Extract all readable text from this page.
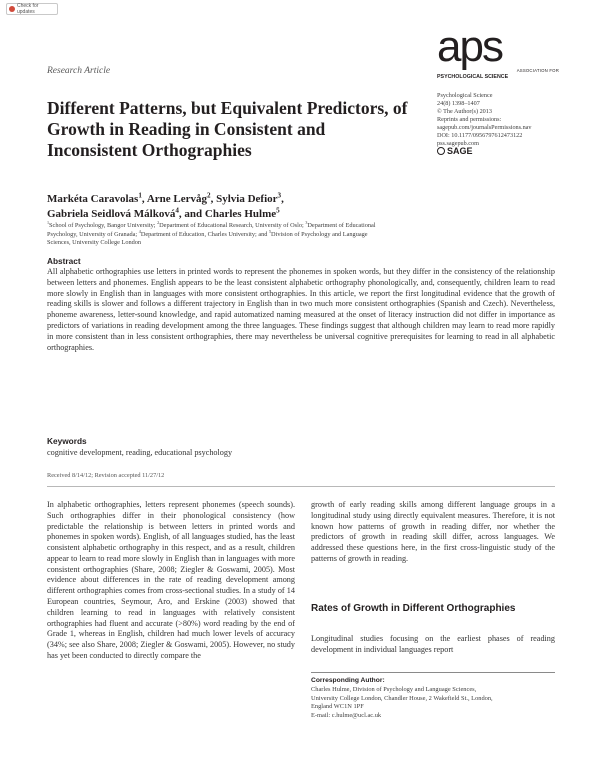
Check for updates
Research Article	aps	ASSOCIATION FOR
PSYCHOLOGICAL SCIENCE
Psychological Science
24(8) 1398–1407
© The Author(s) 2013
Reprints and permissions:
sagepub.com/journalsPermissions.nav
DOI: 10.1177/0956797612473122
pss.sagepub.com
SAGE
Different Patterns, but Equivalent Predictors, of Growth in Reading in Consistent and Inconsistent Orthographies
Markéta Caravolas$^1$, Arne Lervåg$^2$, Sylvia Defior$^3$,
Gabriela Seidlová Málková$^4$, and Charles Hulme$^5$
$^1$School of Psychology, Bangor University; $^2$Department of Educational Research, University of Oslo; $^3$Department of Educational Psychology, University of Granada; $^4$Department of Education, Charles University; and $^5$Division of Psychology and Language Sciences, University College London
Abstract
All alphabetic orthographies use letters in printed words to represent the phonemes in spoken words, but they differ in the consistency of the relationship between letters and phonemes. English appears to be the least consistent alphabetic orthography phonologically, and, consequently, children learn to read more slowly in English than in languages with more consistent orthographies. In this article, we report the first longitudinal evidence that the growth of reading skills is slower and follows a different trajectory in English than in two much more consistent orthographies (Spanish and Czech). Nevertheless, phoneme awareness, letter-sound knowledge, and rapid automatized naming measured at the onset of literacy instruction did not differ in importance as predictors of variations in reading development among the three languages. These findings suggest that although children may learn to read more rapidly in more consistent than in less consistent orthographies, there may nevertheless be universal cognitive prerequisites for learning to read in all alphabetic orthographies.
Keywords
cognitive development, reading, educational psychology
Received 8/14/12; Revision accepted 11/27/12
In alphabetic orthographies, letters represent phonemes (speech sounds). Such orthographies differ in their phonological consistency (how predictable the relationship is between letters in printed words and phonemes in spoken words). English, of all languages studied, has the least consistent alphabetic orthography in this respect, and as a result, children appear to learn to read more slowly in English than in languages with more consistent orthographies (Share, 2008; Ziegler & Goswami, 2005). Most evidence about differences in the rate of reading development among different orthographies comes from cross-sectional studies. In a study of 14 European countries, Seymour, Aro, and Erskine (2003) showed that children learning to read in languages with relatively consistent orthographies had fluent and accurate (>80%) word reading by the end of Grade 1, whereas in English, children had much lower levels of accuracy (34%; see also Share, 2008; Ziegler & Goswami, 2005). However, no study has yet been conducted to directly compare the
growth of early reading skills among different language groups in a longitudinal study using directly equivalent measures. Therefore, it is not known how patterns of growth in reading differ, nor whether the predictors of growth in reading skill differ, across languages. We addressed these questions here, in the first cross-linguistic study of the patterns of growth in reading.
Rates of Growth in Different Orthographies
Longitudinal studies focusing on the earliest phases of reading development in individual languages report
Corresponding Author:
Charles Hulme, Division of Psychology and Language Sciences,
University College London, Chandler House, 2 Wakefield St., London,
England WC1N 1PF
E-mail: c.hulme@ucl.ac.uk
